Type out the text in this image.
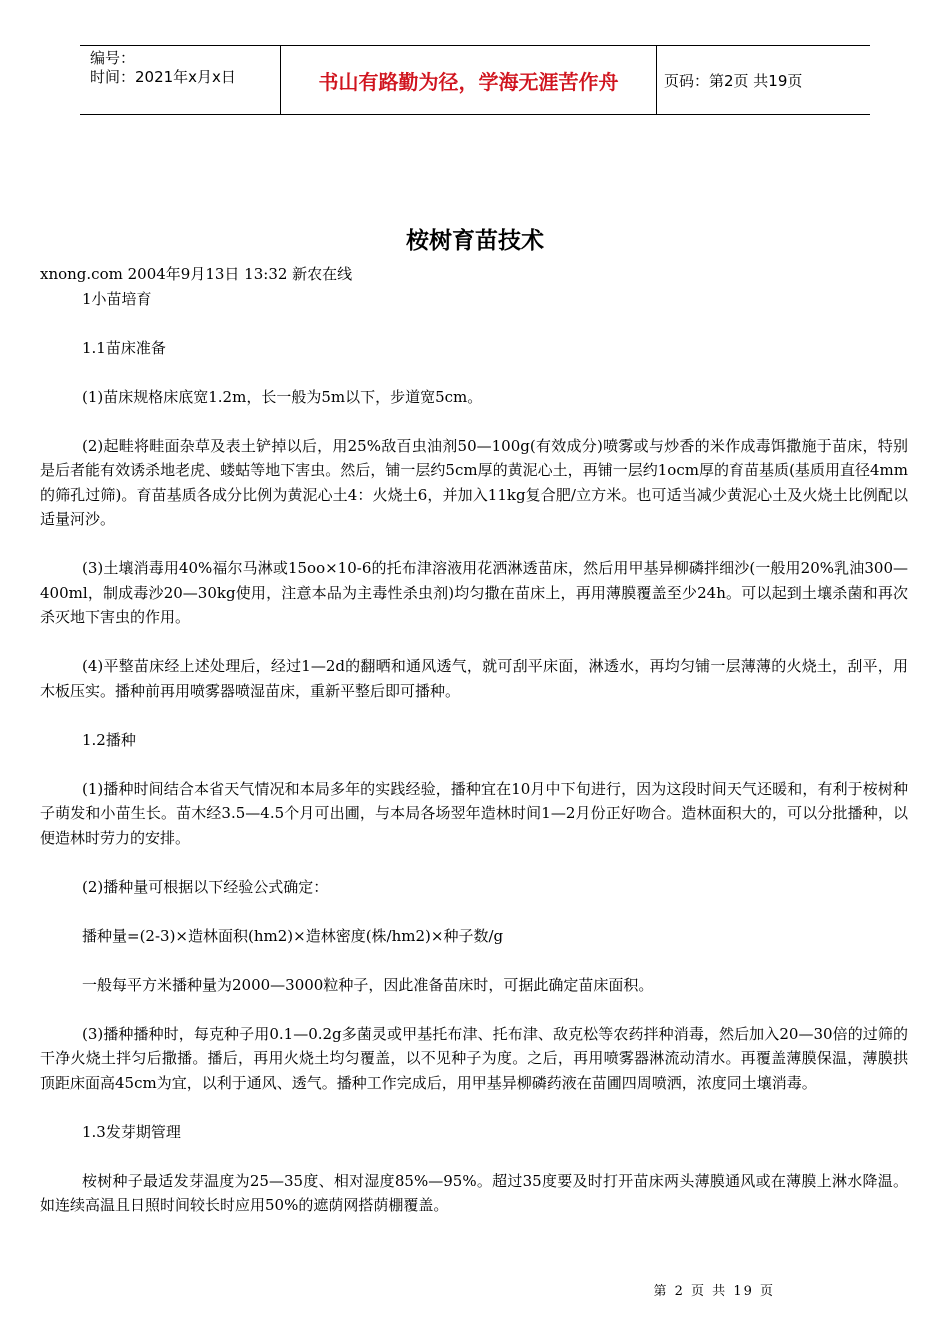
编号：
时间：2021年x月x日	书山有路勤为径，学海无涯苦作舟	页码：第2页 共19页
桉树育苗技术

xnong.com 2004年9月13日 13:32 新农在线

1小苗培育

1.1苗床准备

(1)苗床规格床底宽1.2m，长一般为5m以下，步道宽5cm。

(2)起畦将畦面杂草及表土铲掉以后，用25%敌百虫油剂50—100g(有效成分)喷雾或与炒香的米作成毒饵撒施于苗床，特别是后者能有效诱杀地老虎、蝼蛄等地下害虫。然后，铺一层约5cm厚的黄泥心土，再铺一层约1ocm厚的育苗基质(基质用直径4mm的筛孔过筛)。育苗基质各成分比例为黄泥心土4：火烧土6，并加入11kg复合肥/立方米。也可适当减少黄泥心土及火烧土比例配以适量河沙。

(3)土壤消毒用40%福尔马淋或15oo×10-6的托布津溶液用花洒淋透苗床，然后用甲基异柳磷拌细沙(一般用20%乳油300—400ml，制成毒沙20—30kg使用，注意本品为主毒性杀虫剂)均匀撒在苗床上，再用薄膜覆盖至少24h。可以起到土壤杀菌和再次杀灭地下害虫的作用。

(4)平整苗床经上述处理后，经过1—2d的翻晒和通风透气，就可刮平床面，淋透水，再均匀铺一层薄薄的火烧土，刮平，用木板压实。播种前再用喷雾器喷湿苗床，重新平整后即可播种。

1.2播种

(1)播种时间结合本省天气情况和本局多年的实践经验，播种宜在10月中下旬进行，因为这段时间天气还暖和，有利于桉树种子萌发和小苗生长。苗木经3.5—4.5个月可出圃，与本局各场翌年造林时间1—2月份正好吻合。造林面积大的，可以分批播种，以便造林时劳力的安排。

(2)播种量可根据以下经验公式确定：

播种量=(2-3)×造林面积(hm2)×造林密度(株/hm2)×种子数/g

一般每平方米播种量为2000—3000粒种子，因此准备苗床时，可据此确定苗床面积。

(3)播种播种时，每克种子用0.1—0.2g多菌灵或甲基托布津、托布津、敌克松等农药拌种消毒，然后加入20—30倍的过筛的干净火烧土拌匀后撒播。播后，再用火烧土均匀覆盖，以不见种子为度。之后，再用喷雾器淋流动清水。再覆盖薄膜保温，薄膜拱顶距床面高45cm为宜，以利于通风、透气。播种工作完成后，用甲基异柳磷药液在苗圃四周喷洒，浓度同土壤消毒。

1.3发芽期管理

桉树种子最适发芽温度为25—35度、相对湿度85%—95%。超过35度要及时打开苗床两头薄膜通风或在薄膜上淋水降温。如连续高温且日照时间较长时应用50%的遮荫网搭荫棚覆盖。

第 2 页 共 19 页
